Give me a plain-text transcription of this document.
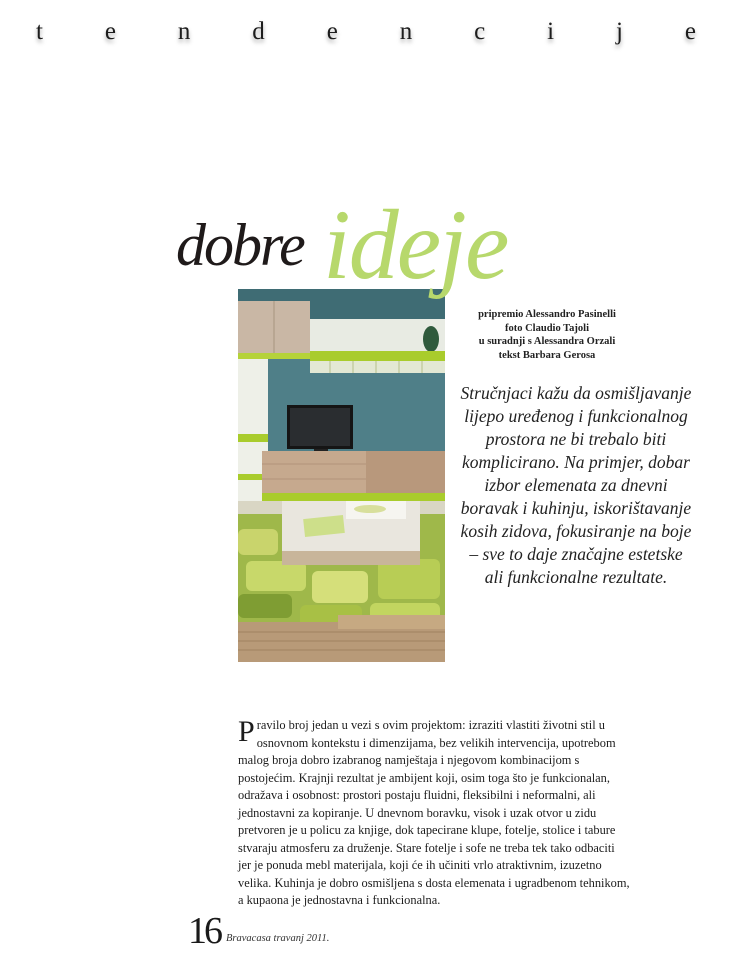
t e n d e n c i j e
dobre ideje
pripremio Alessandro Pasinelli
foto Claudio Tajoli
u suradnji s Alessandra Orzali
tekst Barbara Gerosa
Stručnjaci kažu da osmišljavanje lijepo uređenog i funkcionalnog prostora ne bi trebalo biti komplicirano. Na primjer, dobar izbor elemenata za dnevni boravak i kuhinju, iskorištavanje kosih zidova, fokusiranje na boje – sve to daje značajne estetske ali funkcionalne rezultate.
Pravilo broj jedan u vezi s ovim projektom: izraziti vlastiti životni stil u osnovnom kontekstu i dimenzijama, bez velikih intervencija, upotrebom malog broja dobro izabranog namještaja i njegovom kombinacijom s postojećim. Krajnji rezultat je ambijent koji, osim toga što je funkcionalan, odražava i osobnost: prostori postaju fluidni, fleksibilni i neformalni, ali jednostavni za kopiranje. U dnevnom boravku, visok i uzak otvor u zidu pretvoren je u policu za knjige, dok tapecirane klupe, fotelje, stolice i tabure stvaraju atmosferu za druženje. Stare fotelje i sofe ne treba tek tako odbaciti jer je ponuda mebl materijala, koji će ih učiniti vrlo atraktivnim, izuzetno velika. Kuhinja je dobro osmišljena s dosta elemenata i ugradbenom tehnikom, a kupaona je jednostavna i funkcionalna.
16 Bravacasa travanj 2011.
